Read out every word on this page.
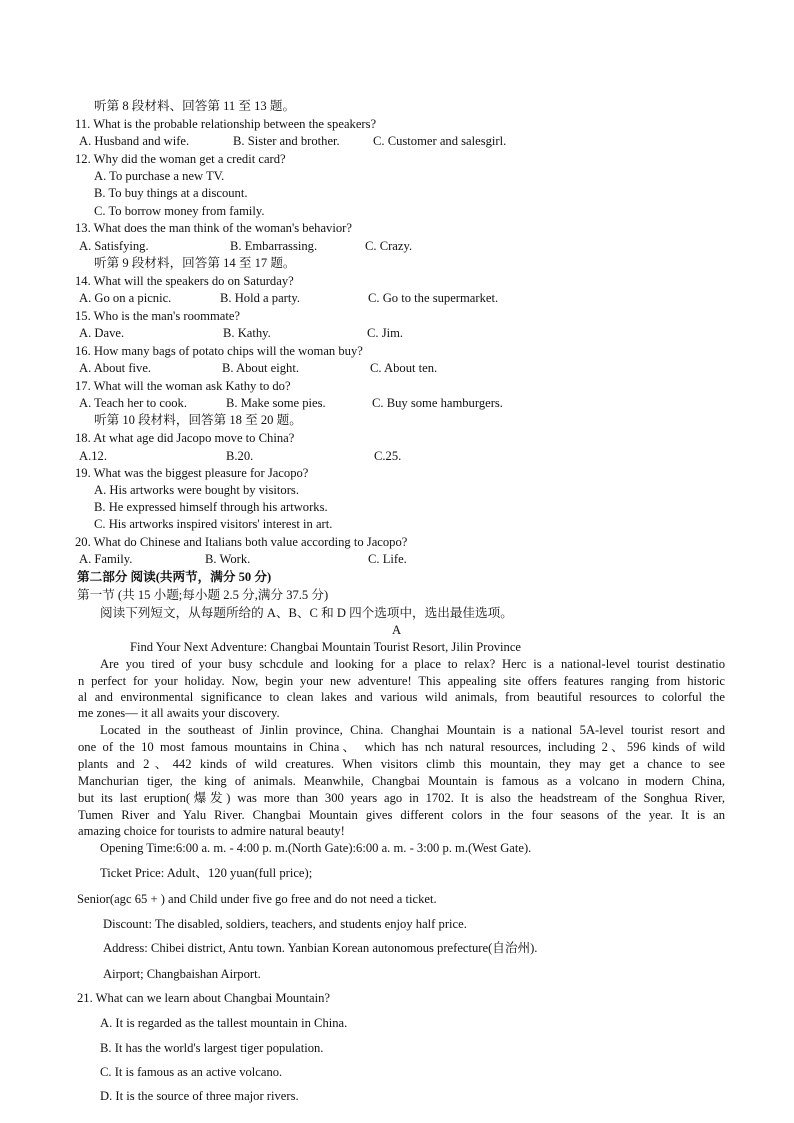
听第 8 段材料、回答第 11 至 13 题。
11. What is the probable relationship between the speakers?
A. Husband and wife.	B. Sister and brother.	C. Customer and salesgirl.
12. Why did the woman get a credit card?
A. To purchase a new TV.
B. To buy things at a discount.
C. To borrow money from family.
13. What does the man think of the woman's behavior?
A. Satisfying.	B. Embarrassing.	C. Crazy.
听第 9 段材料，回答第 14 至 17 题。
14. What will the speakers do on Saturday?
A. Go on a picnic.	B. Hold a party.	C. Go to the supermarket.
15. Who is the man's roommate?
A. Dave.	B. Kathy.	C. Jim.
16. How many bags of potato chips will the woman buy?
A. About five.	B. About eight.	C. About ten.
17. What will the woman ask Kathy to do?
A. Teach her to cook.	B. Make some pies.	C. Buy some hamburgers.
听第 10 段材料，回答第 18 至 20 题。
18. At what age did Jacopo move to China?
A.12.	B.20.	C.25.
19. What was the biggest pleasure for Jacopo?
A. His artworks were bought by visitors.
B. He expressed himself through his artworks.
C. His artworks inspired visitors' interest in art.
20. What do Chinese and Italians both value according to Jacopo?
A. Family.	B. Work.	C. Life.
第二部分 阅读(共两节，满分 50 分)
第一节 (共 15 小题;每小题 2.5 分,满分 37.5 分)
阅读下列短文，从每题所给的 A、B、C 和 D 四个选项中，选出最佳选项。
A
Find Your Next Adventure: Changbai Mountain Tourist Resort, Jilin Province
Are you tired of your busy schcdule and looking for a place to relax? Herc is a national-level tourist destinatio
n perfect for your holiday. Now, begin your new adventure! This appealing site offers features ranging from historic
al and environmental significance to clean lakes and various wild animals, from beautiful resources to colorful the
me zones— it all awaits your discovery.
Located in the southeast of Jinlin province, China. Changhai Mountain is a national 5A-level tourist resort and
one of the 10 most famous mountains in China、 which has nch natural resources, including 2、596 kinds of wild
plants and 2、442 kinds of wild creatures. When visitors climb this mountain, they may get a chance to see
Manchurian tiger, the king of animals. Meanwhile, Changbai Mountain is famous as a volcano in modern China,
but its last eruption(爆发) was more than 300 years ago in 1702. It is also the headstream of the Songhua River,
Tumen River and Yalu River. Changbai Mountain gives different colors in the four seasons of the year. It is an
amazing choice for tourists to admire natural beauty!
Opening Time:6:00 a. m. - 4:00 p. m.(North Gate):6:00 a. m. - 3:00 p. m.(West Gate).
Ticket Price: Adult、120 yuan(full price);
Senior(agc 65 + ) and Child under five go free and do not need a ticket.
Discount: The disabled, soldiers, teachers, and students enjoy half price.
Address: Chibei district, Antu town. Yanbian Korean autonomous prefecture(自治州).
Airport; Changbaishan Airport.
21. What can we learn about Changbai Mountain?
A. It is regarded as the tallest mountain in China.
B. It has the world's largest tiger population.
C. It is famous as an active volcano.
D. It is the source of three major rivers.
